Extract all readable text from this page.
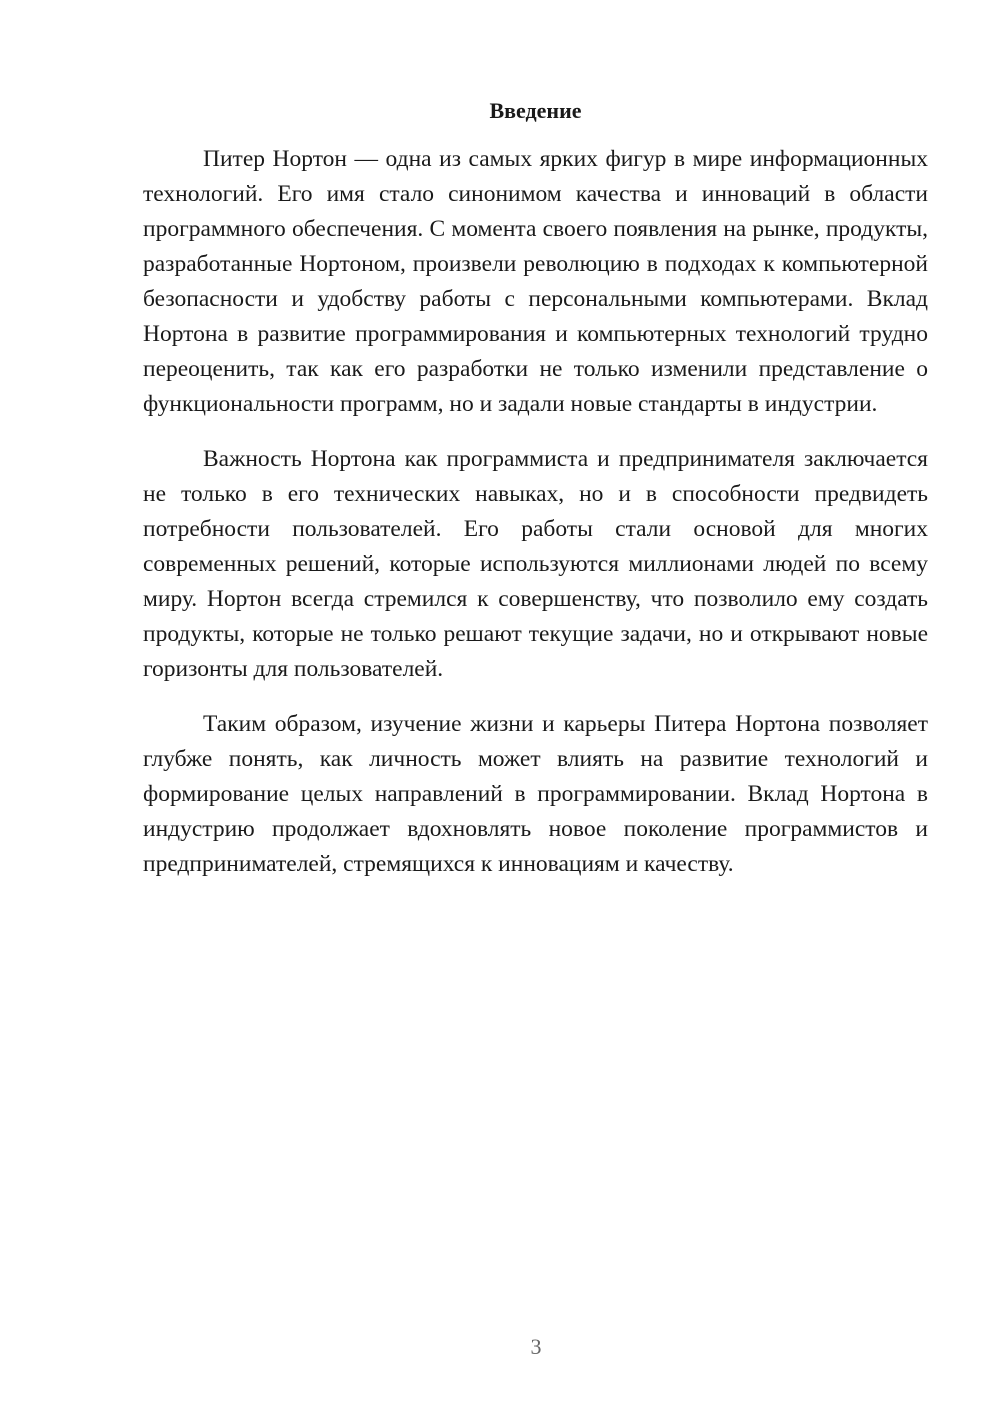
Введение

Питер Нортон — одна из самых ярких фигур в мире информационных технологий. Его имя стало синонимом качества и инноваций в области программного обеспечения. С момента своего появления на рынке, продукты, разработанные Нортоном, произвели революцию в подходах к компьютерной безопасности и удобству работы с персональными компьютерами. Вклад Нортона в развитие программирования и компьютерных технологий трудно переоценить, так как его разработки не только изменили представление о функциональности программ, но и задали новые стандарты в индустрии.

Важность Нортона как программиста и предпринимателя заключается не только в его технических навыках, но и в способности предвидеть потребности пользователей. Его работы стали основой для многих современных решений, которые используются миллионами людей по всему миру. Нортон всегда стремился к совершенству, что позволило ему создать продукты, которые не только решают текущие задачи, но и открывают новые горизонты для пользователей.

Таким образом, изучение жизни и карьеры Питера Нортона позволяет глубже понять, как личность может влиять на развитие технологий и формирование целых направлений в программировании. Вклад Нортона в индустрию продолжает вдохновлять новое поколение программистов и предпринимателей, стремящихся к инновациям и качеству.

3
